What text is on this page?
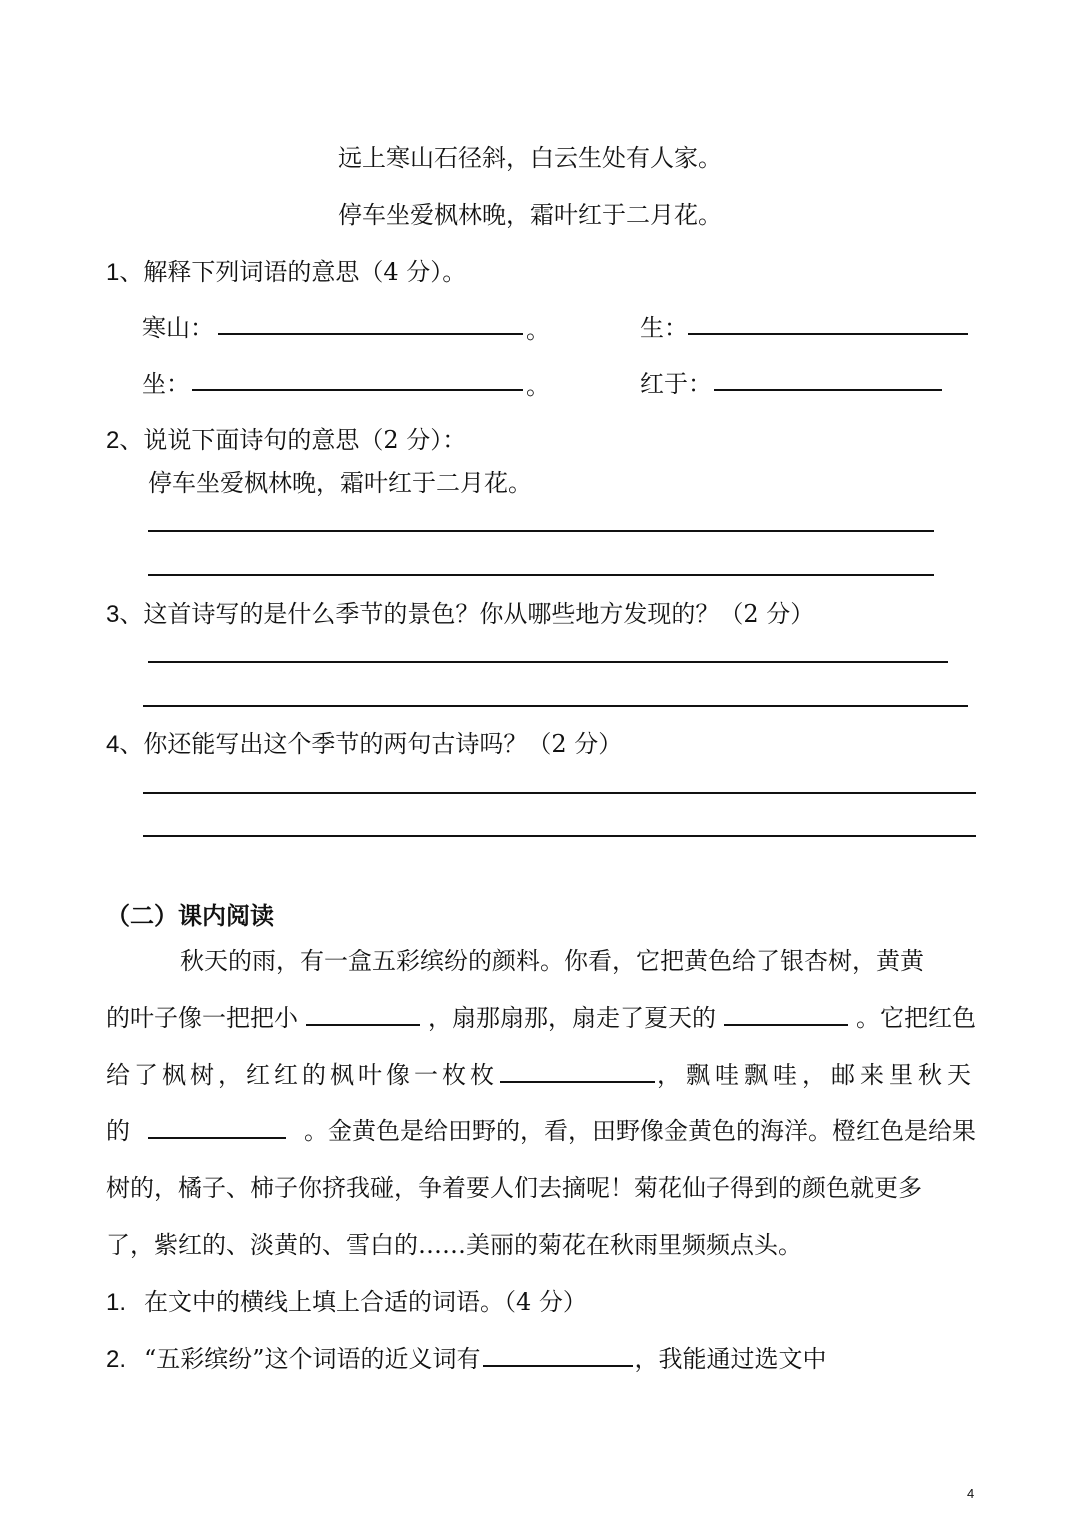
远上寒山石径斜，白云生处有人家。
停车坐爱枫林晚，霜叶红于二月花。
1、解释下列词语的意思（4 分）。
寒山：	。	生：
坐：	。	红于：
2、说说下面诗句的意思（2 分）：
停车坐爱枫林晚，霜叶红于二月花。
3、这首诗写的是什么季节的景色？你从哪些地方发现的？（2 分）
4、你还能写出这个季节的两句古诗吗？（2 分）
（二）课内阅读
秋天的雨，有一盒五彩缤纷的颜料。你看，它把黄色给了银杏树，黄黄
的叶子像一把把小	，扇那扇那，扇走了夏天的	。它把红色
给了枫树，红红的枫叶像一枚枚	，飘哇飘哇，邮来里秋天
的	。金黄色是给田野的，看，田野像金黄色的海洋。橙红色是给果
树的，橘子、柿子你挤我碰，争着要人们去摘呢！菊花仙子得到的颜色就更多
了，紫红的、淡黄的、雪白的……美丽的菊花在秋雨里频频点头。
1. 在文中的横线上填上合适的词语。（4 分）
2. “五彩缤纷”这个词语的近义词有	，我能通过选文中
4
